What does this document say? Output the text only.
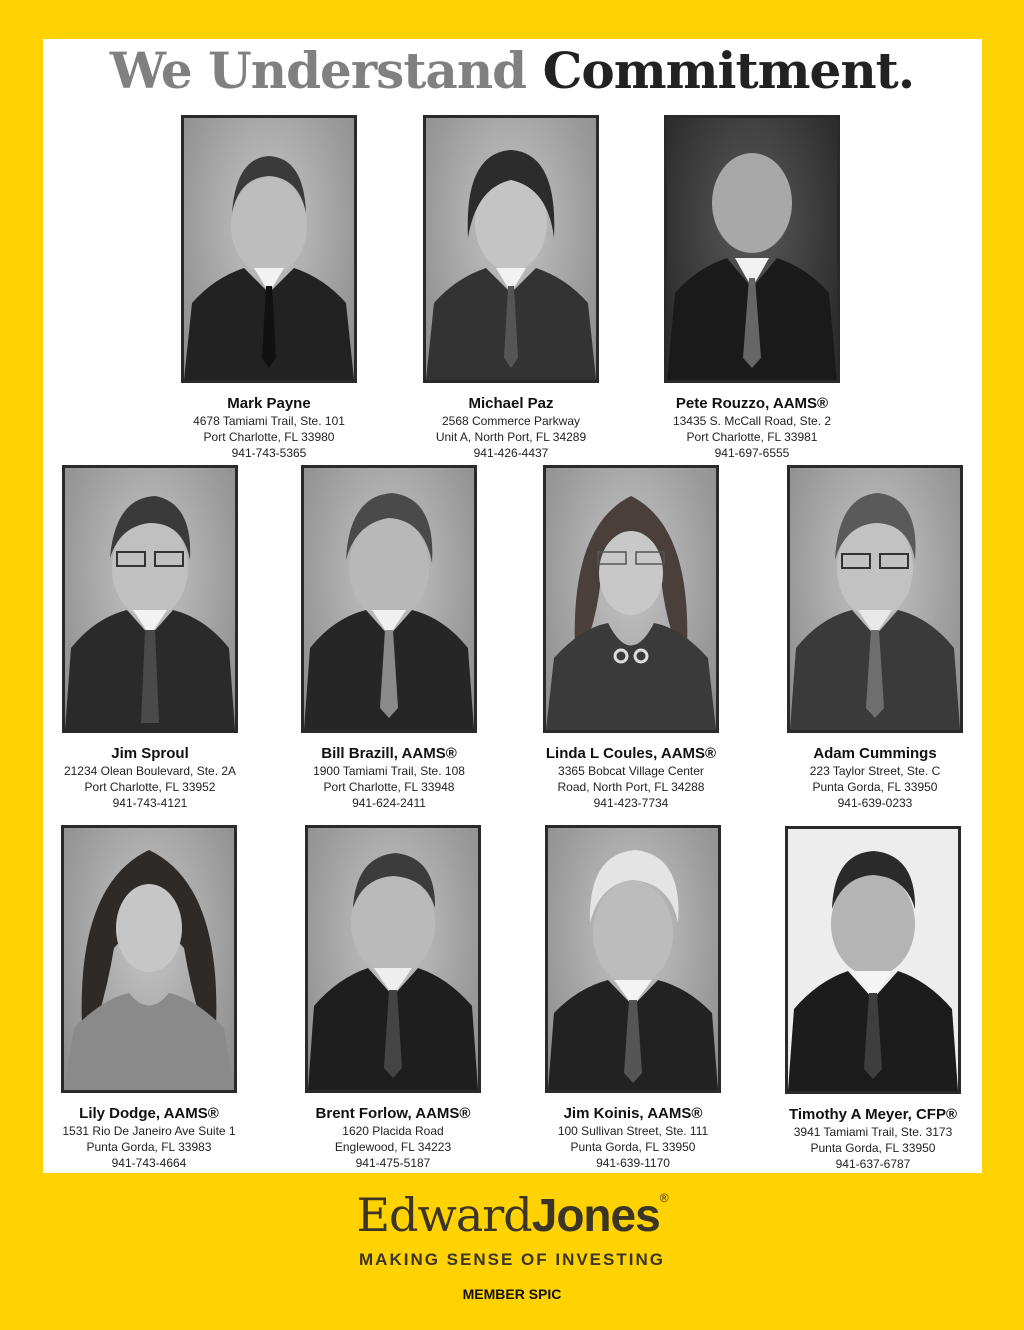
We Understand Commitment.
Mark Payne
4678 Tamiami Trail, Ste. 101
Port Charlotte, FL 33980
941-743-5365
Michael Paz
2568 Commerce Parkway
Unit A, North Port, FL 34289
941-426-4437
Pete Rouzzo, AAMS®
13435 S. McCall Road, Ste. 2
Port Charlotte, FL 33981
941-697-6555
Jim Sproul
21234 Olean Boulevard, Ste. 2A
Port Charlotte, FL 33952
941-743-4121
Bill Brazill, AAMS®
1900 Tamiami Trail, Ste. 108
Port Charlotte, FL 33948
941-624-2411
Linda L Coules, AAMS®
3365 Bobcat Village Center
Road, North Port, FL 34288
941-423-7734
Adam Cummings
223 Taylor Street, Ste. C
Punta Gorda, FL 33950
941-639-0233
Lily Dodge, AAMS®
1531 Rio De Janeiro Ave Suite 1
Punta Gorda, FL 33983
941-743-4664
Brent Forlow, AAMS®
1620 Placida Road
Englewood, FL 34223
941-475-5187
Jim Koinis, AAMS®
100 Sullivan Street, Ste. 111
Punta Gorda, FL 33950
941-639-1170
Timothy A Meyer, CFP®
3941 Tamiami Trail, Ste. 3173
Punta Gorda, FL 33950
941-637-6787
EdwardJones®
MAKING SENSE OF INVESTING
MEMBER SPIC
